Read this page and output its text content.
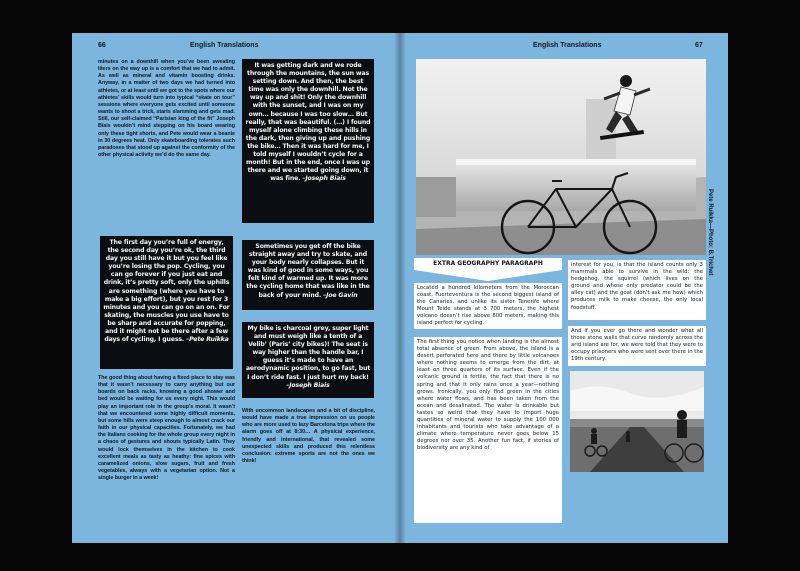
66	English Translations
minutes on a downhill when you’ve been sweating liters on the way up is a comfort that we had to admit. As well as mineral and vitamin boosting drinks. Anyway, in a matter of two days we had turned into athletes, or at least until we got to the spots where our athletes’ skills would turn into typical “skate on tour” sessions where everyone gets excited until someone wants to shoot a trick, starts slamming and gets mad. Still, our self-claimed “Parisian king of the fit” Joseph Biais wouldn’t mind stepping on his board wearing only these tight shorts, and Pete would wear a beanie in 30 degrees heat. Only skateboarding tolerates such paradoxes that stood up against the conformity of the other physical activity we’d do the same day.
The first day you’re full of energy, the second day you’re ok, the third day you still have it but you feel like you’re losing the pop. Cycling, you can go forever if you just eat and drink, it’s pretty soft, only the uphills are something (where you have to make a big effort), but you rest for 3 minutes and you can go on an on. For skating, the muscles you use have to be sharp and accurate for popping, and it might not be there after a few days of cycling, I guess. –Pete Ruikka
The good thing about having a fixed place to stay was that it wasn’t necessary to carry anything but our boards on back racks, knowing a good shower and bed would be waiting for us every night. This would play an important role in the group’s moral. It wasn’t that we encountered some highly difficult moments, but some hills were steep enough to almost crack our faith in our physical capacities. Fortunately, we had the Italians cooking for the whole group every night in a chaos of gestures and shouts typically Latin. They would lock themselves in the kitchen to cook excellent meals as tasty as heathy: fine spices with caramelized onions, slow sugars, fruit and fresh vegetables, always with a vegetarian option. Not a single burger in a week!
It was getting dark and we rode through the mountains, the sun was setting down. And then, the best time was only the downhill. Not the way up and shit! Only the downhill with the sunset, and I was on my own… because I was too slow… But really, that was beautiful. (…) I found myself alone climbing these hills in the dark, then giving up and pushing the bike… Then it was hard for me, I told myself I wouldn’t cycle for a month! But in the end, once I was up there and we started going down, it was fine. –Joseph Biais
Sometimes you get off the bike straight away and try to skate, and your body nearly collapses. But it was kind of good in some ways, you felt kind of warmed up. It was more the cycling home that was like in the back of your mind. –Joe Gavin
My bike is charcoal grey, super light and must weigh like a tenth of a Velib’ (Paris’ city bikes)! The seat is way higher than the handle bar, I guess it’s made to have an aerodynamic position, to go fast, but I don’t ride fast. I just hurt my back! –Joseph Biais
With uncommon landscapes and a bit of discipline, would have made a true impression on us people who are more used to lazy Barcelona trips where the alarm goes off at 8:30… A physical experience, friendly and international, that revealed some unexpected skills and produced this relentless conclusion: extreme sports are not the ones we think!
English Translations	67
Pete Ruikka—Photo: B.Trichet
EXTRA GEOGRAPHY PARAGRAPH
Located a hundred kilometers from the Moroccan coast, Fuerteventura is the second biggest island of the Canaries, and unlike its sister Tenerife where Mount Teide stands at 3 700 meters, the highest volcano doesn’t rise above 800 meters, making this island perfect for cycling.
The first thing you notice when landing is the almost total absence of green. From above, the island is a desert perforated here and there by little volcanoes where nothing seems to emerge from the dirt, at least on three quarters of its surface. Even if the volcanic ground is fertile, the fact that there is no spring and that it only rains once a year—nothing grows. Ironically, you only find green in the cities where water flows, and has been taken from the ocean and desalinated. The water is drinkable but tastes so weird that they have to import huge quantities of mineral water to supply the 100 000 inhabitants and tourists who take advantage of a climate where temperature never goes below 15 degrees nor over 35. Another fun fact, if stories of biodiversity are any kind of
interest for you, is that the island counts only 3 mammals able to survive in the wild: the hedgehog, the squirrel (which lives on the ground and whose only predator could be the alley cat) and the goat (don’t ask me how) which produces milk to make cheese, the only local foodstuff.
And if you ever go there and wonder what all those stone walls that curve randomly across the arid island are for, we were told that they were to occupy prisoners who were sent over there in the 19th century.
